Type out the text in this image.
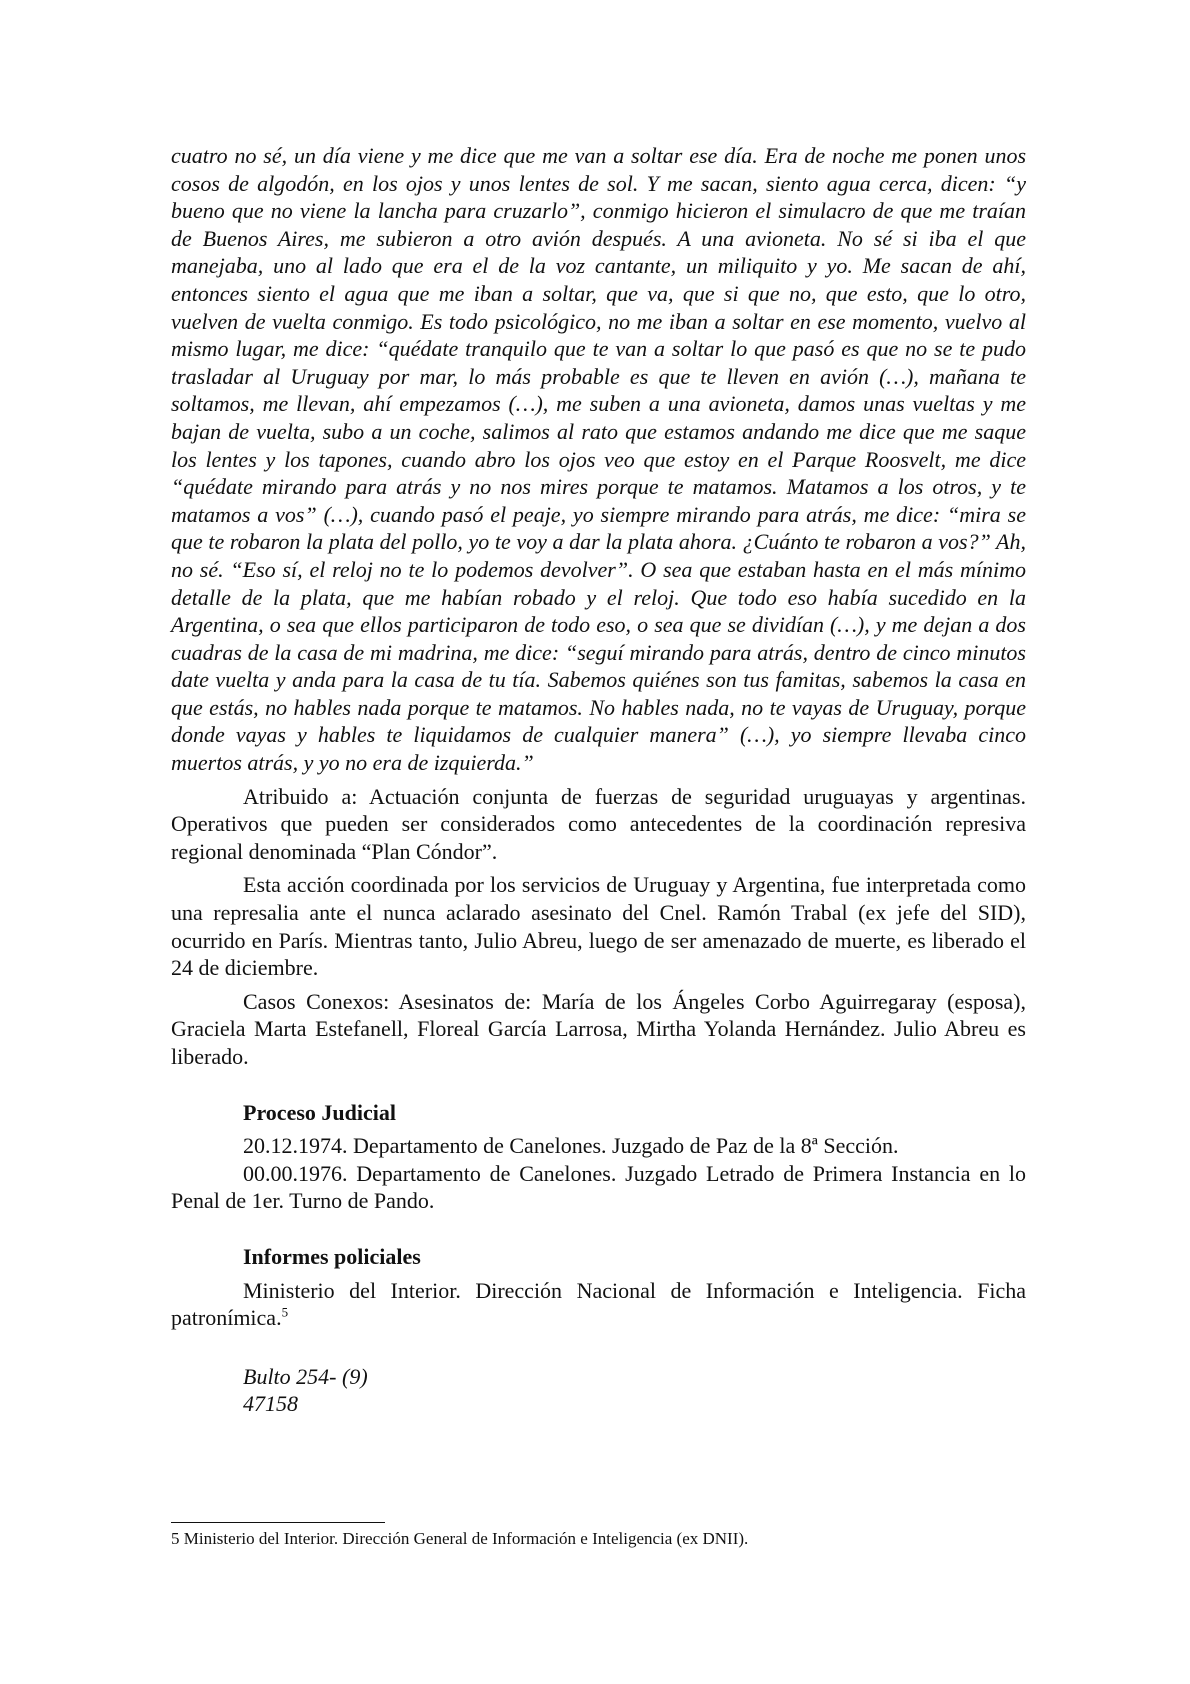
cuatro no sé, un día viene y me dice que me van a soltar ese día. Era de noche me ponen unos cosos de algodón, en los ojos y unos lentes de sol. Y me sacan, siento agua cerca, dicen: “y bueno que no viene la lancha para cruzarlo”, conmigo hicieron el simulacro de que me traían de Buenos Aires, me subieron a otro avión después. A una avioneta. No sé si iba el que manejaba, uno al lado que era el de la voz cantante, un miliquito y yo. Me sacan de ahí, entonces siento el agua que me iban a soltar, que va, que si que no, que esto, que lo otro, vuelven de vuelta conmigo. Es todo psicológico, no me iban a soltar en ese momento, vuelvo al mismo lugar, me dice: “quédate tranquilo que te van a soltar lo que pasó es que no se te pudo trasladar al Uruguay por mar, lo más probable es que te lleven en avión (…), mañana te soltamos, me llevan, ahí empezamos (…), me suben a una avioneta, damos unas vueltas y me bajan de vuelta, subo a un coche, salimos al rato que estamos andando me dice que me saque los lentes y los tapones, cuando abro los ojos veo que estoy en el Parque Roosvelt, me dice “quédate mirando para atrás y no nos mires porque te matamos. Matamos a los otros, y te matamos a vos” (…), cuando pasó el peaje, yo siempre mirando para atrás, me dice: “mira se que te robaron la plata del pollo, yo te voy a dar la plata ahora. ¿Cuánto te robaron a vos?” Ah, no sé. “Eso sí, el reloj no te lo podemos devolver”. O sea que estaban hasta en el más mínimo detalle de la plata, que me habían robado y el reloj. Que todo eso había sucedido en la Argentina, o sea que ellos participaron de todo eso, o sea que se dividían (…), y me dejan a dos cuadras de la casa de mi madrina, me dice: “seguí mirando para atrás, dentro de cinco minutos date vuelta y anda para la casa de tu tía. Sabemos quiénes son tus famitas, sabemos la casa en que estás, no hables nada porque te matamos. No hables nada, no te vayas de Uruguay, porque donde vayas y hables te liquidamos de cualquier manera” (…), yo siempre llevaba cinco muertos atrás, y yo no era de izquierda.”

Atribuido a: Actuación conjunta de fuerzas de seguridad uruguayas y argentinas. Operativos que pueden ser considerados como antecedentes de la coordinación represiva regional denominada “Plan Cóndor”.

Esta acción coordinada por los servicios de Uruguay y Argentina, fue interpretada como una represalia ante el nunca aclarado asesinato del Cnel. Ramón Trabal (ex jefe del SID), ocurrido en París. Mientras tanto, Julio Abreu, luego de ser amenazado de muerte, es liberado el 24 de diciembre.

Casos Conexos: Asesinatos de: María de los Ángeles Corbo Aguirregaray (esposa), Graciela Marta Estefanell, Floreal García Larrosa, Mirtha Yolanda Hernández. Julio Abreu es liberado.

Proceso Judicial

20.12.1974. Departamento de Canelones. Juzgado de Paz de la 8ª Sección.

00.00.1976. Departamento de Canelones. Juzgado Letrado de Primera Instancia en lo Penal de 1er. Turno de Pando.

Informes policiales

Ministerio del Interior. Dirección Nacional de Información e Inteligencia. Ficha patronímica.$^5$

Bulto 254- (9)
47158

5 Ministerio del Interior. Dirección General de Información e Inteligencia (ex DNII).
